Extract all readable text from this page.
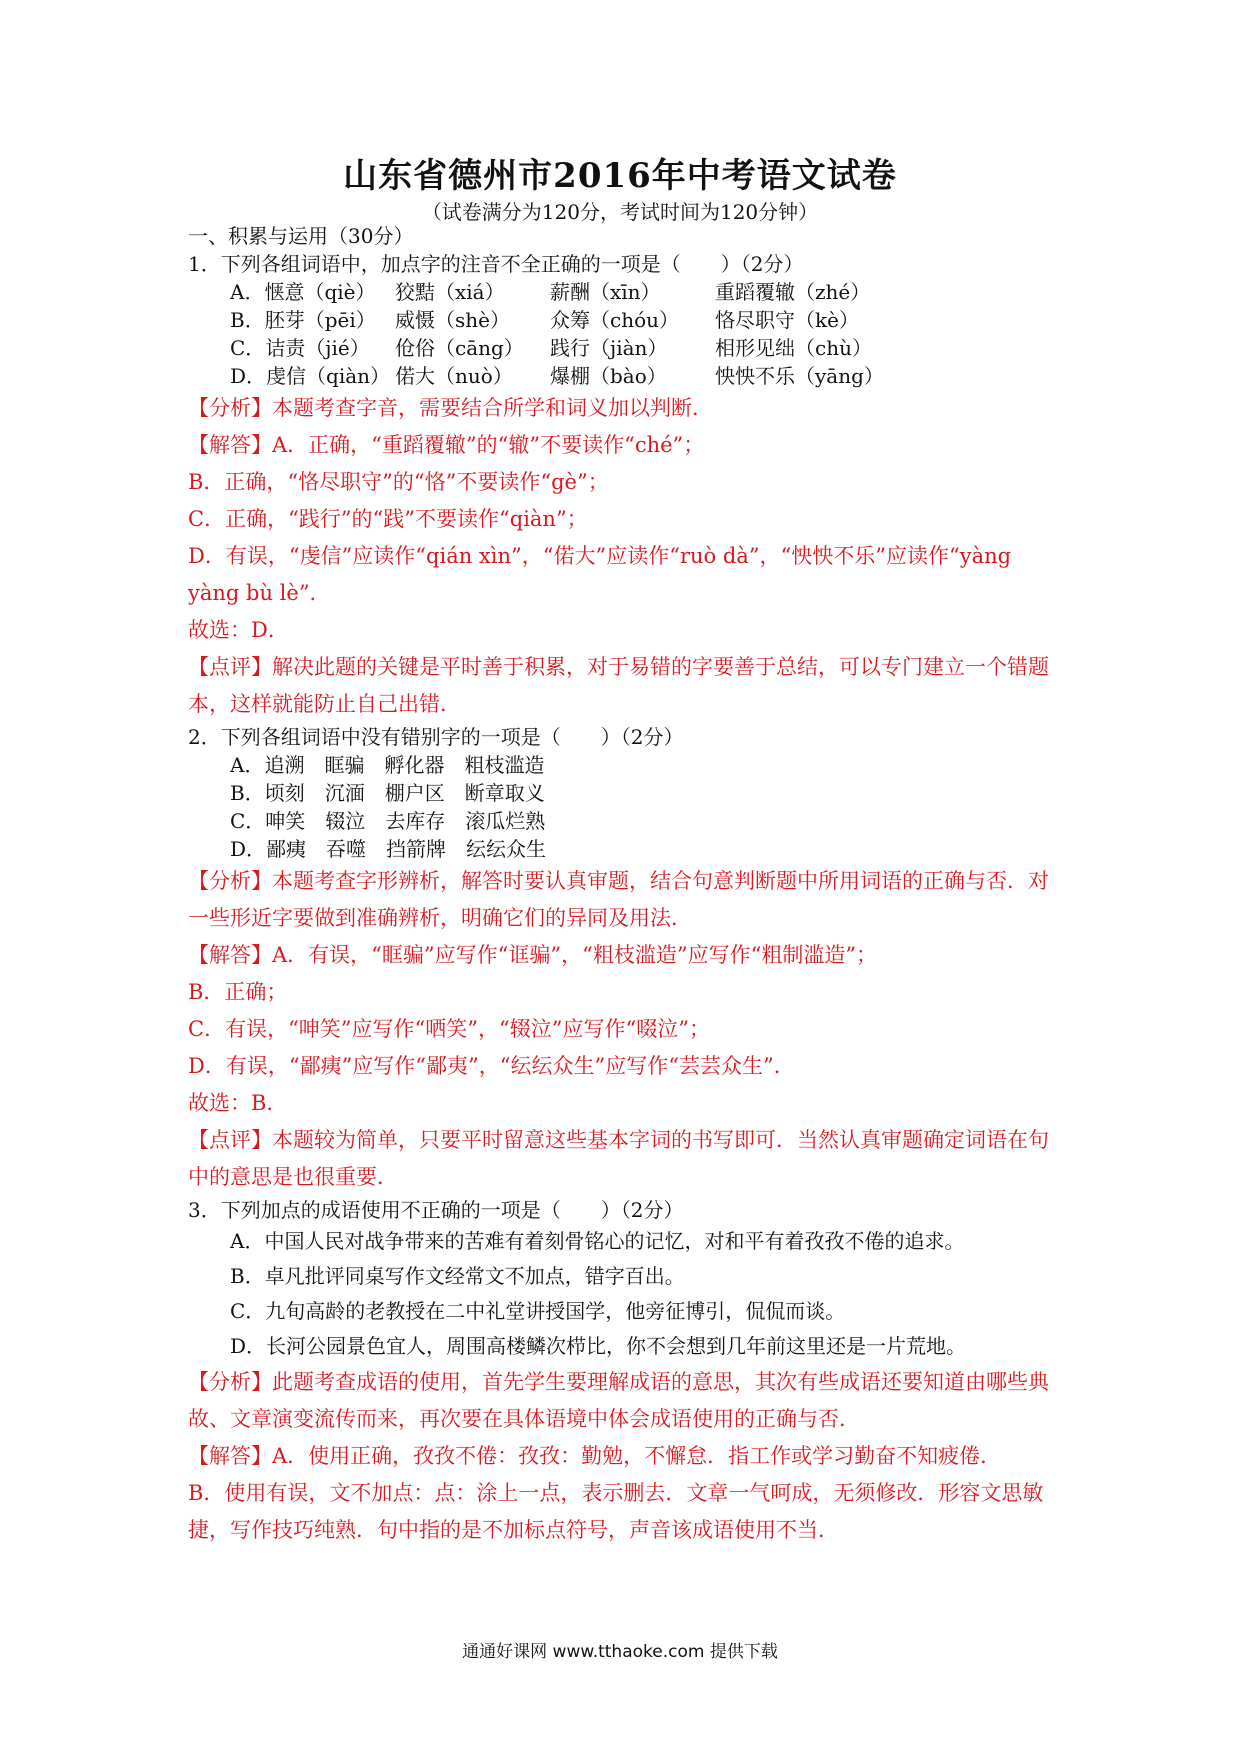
山东省德州市2016年中考语文试卷
（试卷满分为120分，考试时间为120分钟）
一、积累与运用（30分）
1．下列各组词语中，加点字的注音不全正确的一项是（　　）（2分）
A．惬意（qiè） 狡黠（xiá）	薪酬（xīn）	重蹈覆辙（zhé）
B．胚芽（pēi） 威慑（shè）	众筹（chóu）	恪尽职守（kè）
C．诘责（jié）	伧俗（cāng）	践行（jiàn）	相形见绌（chù）
D．虔信（qiàn） 偌大（nuò）	爆棚（bào）	怏怏不乐（yāng）
【分析】本题考查字音，需要结合所学和词义加以判断．
【解答】A．正确，“重蹈覆辙”的“辙”不要读作“ché”；
B．正确，“恪尽职守”的“恪”不要读作“gè”；
C．正确，“践行”的“践”不要读作“qiàn”；
D．有误，“虔信”应读作“qián xìn”，“偌大”应读作“ruò dà”，“怏怏不乐”应读作“yàng yàng bù lè”．
故选：D．
【点评】解决此题的关键是平时善于积累，对于易错的字要善于总结，可以专门建立一个错题本，这样就能防止自己出错．
2．下列各组词语中没有错别字的一项是（　　）（2分）
A．追溯 眶骗 孵化器 粗枝滥造
B．顷刻 沉湎 棚户区 断章取义
C．呻笑 辍泣 去库存 滚瓜烂熟
D．鄙痍 吞噬 挡箭牌 纭纭众生
【分析】本题考查字形辨析，解答时要认真审题，结合句意判断题中所用词语的正确与否．对一些形近字要做到准确辨析，明确它们的异同及用法．
【解答】A．有误，“眶骗”应写作“诓骗”，“粗枝滥造”应写作“粗制滥造”；
B．正确；
C．有误，“呻笑”应写作“哂笑”，“辍泣”应写作“啜泣”；
D．有误，“鄙痍”应写作“鄙夷”，“纭纭众生”应写作“芸芸众生”．
故选：B．
【点评】本题较为简单，只要平时留意这些基本字词的书写即可．当然认真审题确定词语在句中的意思是也很重要．
3．下列加点的成语使用不正确的一项是（　　）（2分）
A．中国人民对战争带来的苦难有着刻骨铭心的记忆，对和平有着孜孜不倦的追求。
B．卓凡批评同桌写作文经常文不加点，错字百出。
C．九旬高龄的老教授在二中礼堂讲授国学，他旁征博引，侃侃而谈。
D．长河公园景色宜人，周围高楼鳞次栉比，你不会想到几年前这里还是一片荒地。
【分析】此题考查成语的使用，首先学生要理解成语的意思，其次有些成语还要知道由哪些典故、文章演变流传而来，再次要在具体语境中体会成语使用的正确与否．
【解答】A．使用正确，孜孜不倦：孜孜：勤勉，不懈怠．指工作或学习勤奋不知疲倦．
B．使用有误，文不加点：点：涂上一点，表示删去．文章一气呵成，无须修改．形容文思敏捷，写作技巧纯熟．句中指的是不加标点符号，声音该成语使用不当．
通通好课网 www.tthaoke.com 提供下载
